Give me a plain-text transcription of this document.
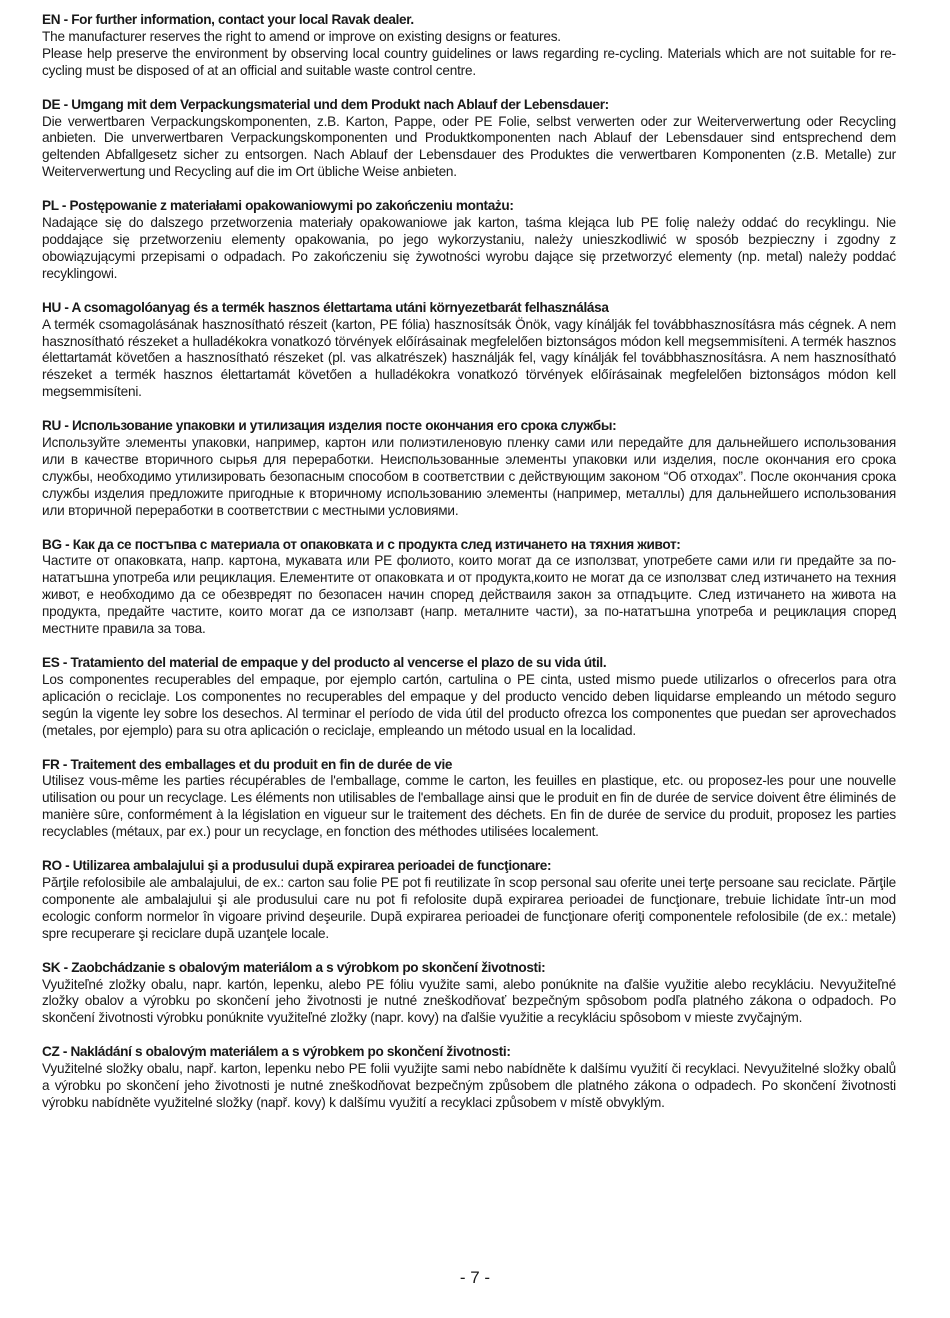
EN - For further information, contact your local Ravak dealer.
The manufacturer reserves the right to amend or improve on existing designs or features.
Please help preserve the environment by observing local country guidelines or laws regarding re-cycling. Materials which are not suitable for re-cycling must be disposed of at an official and suitable waste control centre.
DE - Umgang mit dem Verpackungsmaterial und dem Produkt nach Ablauf der Lebensdauer:
Die verwertbaren Verpackungskomponenten, z.B. Karton, Pappe, oder PE Folie, selbst verwerten oder zur Weiterverwertung oder Recycling anbieten. Die unverwertbaren Verpackungskomponenten und Produktkomponenten nach Ablauf der Lebensdauer sind entsprechend dem geltenden Abfallgesetz sicher zu entsorgen. Nach Ablauf der Lebensdauer des Produktes die verwertbaren Komponenten (z.B. Metalle) zur Weiterverwertung und Recycling auf die im Ort übliche Weise anbieten.
PL - Postępowanie z materiałami opakowaniowymi po zakończeniu montażu:
Nadające się do dalszego przetworzenia materiały opakowaniowe jak karton, taśma klejąca lub PE folię należy oddać do recyklingu. Nie poddające się przetworzeniu elementy opakowania, po jego wykorzystaniu, należy unieszkodliwić w sposób bezpieczny i zgodny z obowiązującymi przepisami o odpadach. Po zakończeniu się żywotności wyrobu dające się przetworzyć elementy (np. metal) należy poddać recyklingowi.
HU - A csomagolóanyag és a termék hasznos élettartama utáni környezetbarát felhasználása
A termék csomagolásának hasznosítható részeit (karton, PE fólia) hasznosítsák Önök, vagy kínálják fel továbbhasznosításra más cégnek. A nem hasznosítható részeket a hulladékokra vonatkozó törvények előírásainak megfelelően biztonságos módon kell megsemmisíteni. A termék hasznos élettartamát követően a hasznosítható részeket (pl. vas alkatrészek) használják fel, vagy kínálják fel továbbhasznosításra. A nem hasznosítható részeket a termék hasznos élettartamát követően a hulladékokra vonatkozó törvények előírásainak megfelelően biztonságos módon kell megsemmisíteni.
RU - Использование упаковки и утилизация изделия посте окончания его срока службы:
Используйте элементы упаковки, например, картон или полиэтиленовую пленку сами или передайте для дальнейшего использования или в качестве вторичного сырья для переработки. Неиспользованные элементы упаковки или изделия, после окончания его срока службы, необходимо утилизировать безопасным способом в соответствии с действующим законом “Об отходах”. После окончания срока службы изделия предложите пригодные к вторичному использованию элементы (например, металлы) для дальнейшего использования или вторичной переработки в соответствии с местными условиями.
BG - Как да се постъпва с материала от опаковката и с продукта след изтичането на тяхния живот:
Частите от опаковката, напр. картона, мукавата или PE фолиото, които могат да се използват, употребете сами или ги предайте за по-нататъшна употреба или рециклация. Елементите от опаковката и от продукта,които не могат да се използват след изтичането на техния живот, е необходимо да се обезвредят по безопасен начин според действаиля закон за отпадъците. След изтичането на живота на продукта, предайте частите, които могат да се използавт (напр. металните части), за по-нататъшна употреба и рециклация според местните правила за това.
ES - Tratamiento del material de empaque y del producto al vencerse el plazo de su vida útil.
Los componentes recuperables del empaque, por ejemplo cartón, cartulina o PE cinta, usted mismo puede utilizarlos o ofrecerlos para otra aplicación o reciclaje. Los componentes no recuperables del empaque y del producto vencido deben liquidarse empleando un método seguro según la vigente ley sobre los desechos. Al terminar el período de vida útil del producto ofrezca los componentes que puedan ser aprovechados (metales, por ejemplo) para su otra aplicación o reciclaje, empleando un método usual en la localidad.
FR - Traitement des emballages et du produit en fin de durée de vie
Utilisez vous-même les parties récupérables de l'emballage, comme le carton, les feuilles en plastique, etc. ou proposez-les pour une nouvelle utilisation ou pour un recyclage. Les éléments non utilisables de l'emballage ainsi que le produit en fin de durée de service doivent être éliminés de manière sûre, conformément à la législation en vigueur sur le traitement des déchets. En fin de durée de service du produit, proposez les parties recyclables (métaux, par ex.) pour un recyclage, en fonction des méthodes utilisées localement.
RO - Utilizarea ambalajului şi a produsului după expirarea perioadei de funcţionare:
Părţile refolosibile ale ambalajului, de ex.: carton sau folie PE pot fi reutilizate în scop personal sau oferite unei terţe persoane sau reciclate. Părţile componente ale ambalajului şi ale produsului care nu pot fi refolosite după expirarea perioadei de funcţionare, trebuie lichidate într-un mod ecologic conform normelor în vigoare privind deşeurile. După expirarea perioadei de funcţionare oferiţi componentele refolosibile (de ex.: metale) spre recuperare şi reciclare după uzanţele locale.
SK - Zaobchádzanie s obalovým materiálom a s výrobkom po skončení životnosti:
Využiteľné zložky obalu, napr. kartón, lepenku, alebo PE fóliu využite sami, alebo ponúknite na ďalšie využitie alebo recykláciu. Nevyužiteľné zložky obalov a výrobku po skončení jeho životnosti je nutné zneškodňovať bezpečným spôsobom podľa platného zákona o odpadoch. Po skončení životnosti výrobku ponúknite využiteľné zložky (napr. kovy) na ďalšie využitie a recykláciu spôsobom v mieste zvyčajným.
CZ - Nakládání s obalovým materiálem a s výrobkem po skončení životnosti:
Využitelné složky obalu, např. karton, lepenku nebo PE folii využijte sami nebo nabídněte k dalšímu využití či recyklaci. Nevyužitelné složky obalů a výrobku po skončení jeho životnosti je nutné zneškodňovat bezpečným způsobem dle platného zákona o odpadech. Po skončení životnosti výrobku nabídněte využitelné složky (např. kovy) k dalšímu využití a recyklaci způsobem v místě obvyklým.
- 7 -
